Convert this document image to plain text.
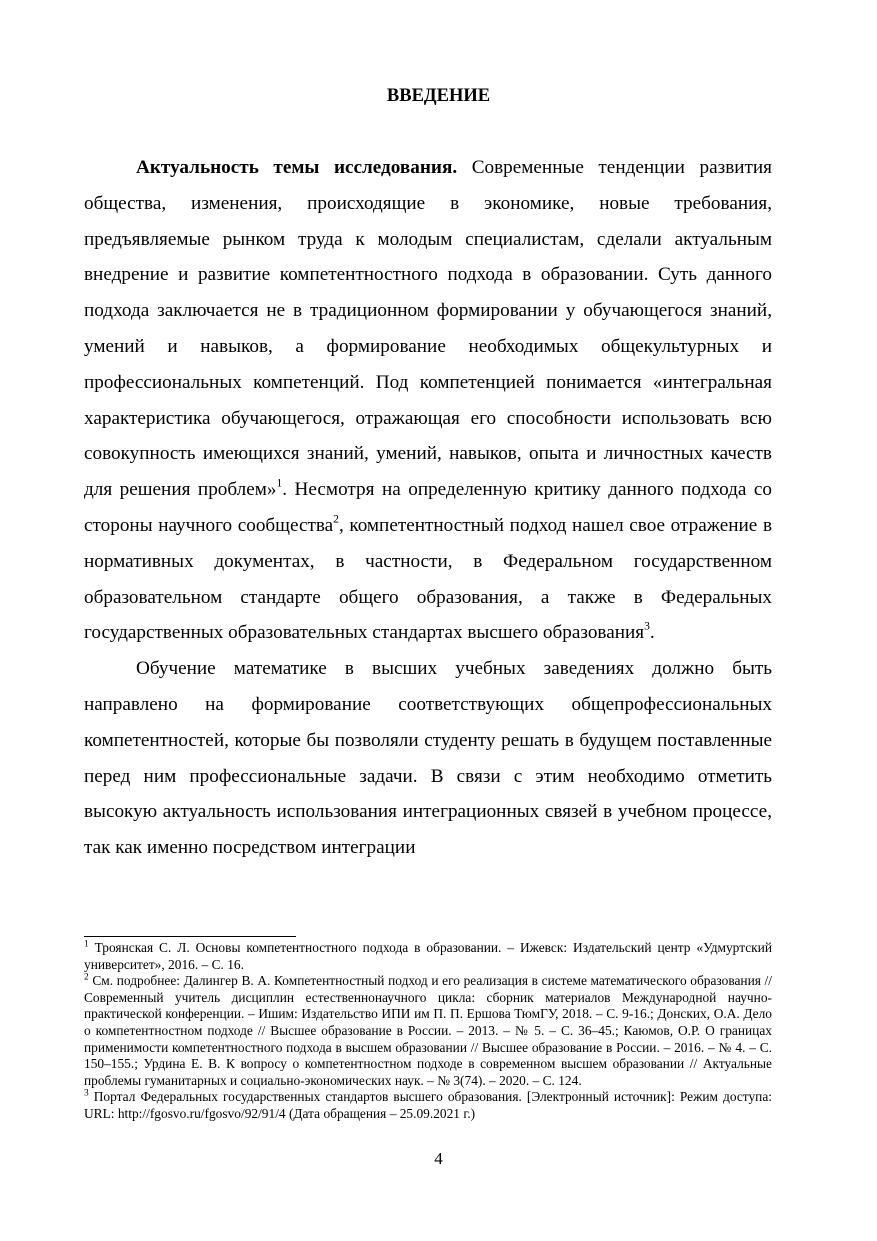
ВВЕДЕНИЕ

Актуальность темы исследования. Современные тенденции развития общества, изменения, происходящие в экономике, новые требования, предъявляемые рынком труда к молодым специалистам, сделали актуальным внедрение и развитие компетентностного подхода в образовании. Суть данного подхода заключается не в традиционном формировании у обучающегося знаний, умений и навыков, а формирование необходимых общекультурных и профессиональных компетенций. Под компетенцией понимается «интегральная характеристика обучающегося, отражающая его способности использовать всю совокупность имеющихся знаний, умений, навыков, опыта и личностных качеств для решения проблем»$^1$. Несмотря на определенную критику данного подхода со стороны научного сообщества$^2$, компетентностный подход нашел свое отражение в нормативных документах, в частности, в Федеральном государственном образовательном стандарте общего образования, а также в Федеральных государственных образовательных стандартах высшего образования$^3$.

Обучение математике в высших учебных заведениях должно быть направлено на формирование соответствующих общепрофессиональных компетентностей, которые бы позволяли студенту решать в будущем поставленные перед ним профессиональные задачи. В связи с этим необходимо отметить высокую актуальность использования интеграционных связей в учебном процессе, так как именно посредством интеграции

$^1$ Троянская С. Л. Основы компетентностного подхода в образовании. – Ижевск: Издательский центр «Удмуртский университет», 2016. – С. 16.

$^2$ См. подробнее: Далингер В. А. Компетентностный подход и его реализация в системе математического образования // Современный учитель дисциплин естественнонаучного цикла: сборник материалов Международной научно-практической конференции. – Ишим: Издательство ИПИ им П. П. Ершова ТюмГУ, 2018. – С. 9-16.; Донских, О.А. Дело о компетентностном подходе // Высшее образование в России. – 2013. – № 5. – С. 36–45.; Каюмов, О.Р. О границах применимости компетентностного подхода в высшем образовании // Высшее образование в России. – 2016. – № 4. – С. 150–155.; Урдина Е. В. К вопросу о компетентностном подходе в современном высшем образовании // Актуальные проблемы гуманитарных и социально-экономических наук. – № 3(74). – 2020. – С. 124.

$^3$ Портал Федеральных государственных стандартов высшего образования. [Электронный источник]: Режим доступа: URL: http://fgosvo.ru/fgosvo/92/91/4 (Дата обращения – 25.09.2021 г.)

4
